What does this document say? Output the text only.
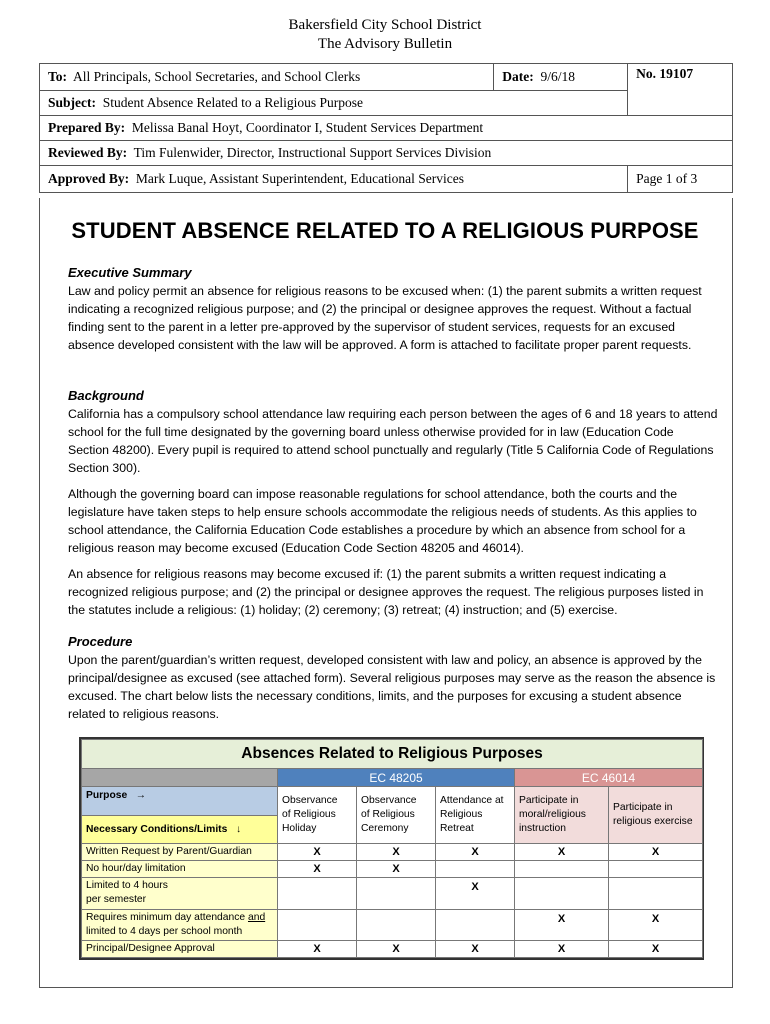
Bakersfield City School District
The Advisory Bulletin
To: All Principals, School Secretaries, and School Clerks	Date: 9/6/18	No. 19107
Subject: Student Absence Related to a Religious Purpose		
Prepared By: Melissa Banal Hoyt, Coordinator I, Student Services Department		
Reviewed By: Tim Fulenwider, Director, Instructional Support Services Division		
Approved By: Mark Luque, Assistant Superintendent, Educational Services		Page 1 of 3
STUDENT ABSENCE RELATED TO A RELIGIOUS PURPOSE
Executive Summary

Law and policy permit an absence for religious reasons to be excused when: (1) the parent submits a written request indicating a recognized religious purpose; and (2) the principal or designee approves the request. Without a factual finding sent to the parent in a letter pre-approved by the supervisor of student services, requests for an excused absence developed consistent with the law will be approved. A form is attached to facilitate proper parent requests.

Background

California has a compulsory school attendance law requiring each person between the ages of 6 and 18 years to attend school for the full time designated by the governing board unless otherwise provided for in law (Education Code Section 48200). Every pupil is required to attend school punctually and regularly (Title 5 California Code of Regulations Section 300).

Although the governing board can impose reasonable regulations for school attendance, both the courts and the legislature have taken steps to help ensure schools accommodate the religious needs of students. As this applies to school attendance, the California Education Code establishes a procedure by which an absence from school for a religious reason may become excused (Education Code Section 48205 and 46014).

An absence for religious reasons may become excused if: (1) the parent submits a written request indicating a recognized religious purpose; and (2) the principal or designee approves the request. The religious purposes listed in the statutes include a religious: (1) holiday; (2) ceremony; (3) retreat; (4) instruction; and (5) exercise.

Procedure

Upon the parent/guardian’s written request, developed consistent with law and policy, an absence is approved by the principal/designee as excused (see attached form). Several religious purposes may serve as the reason the absence is excused. The chart below lists the necessary conditions, limits, and the purposes for excusing a student absence related to religious reasons.

Absences Related to Religious Purposes					
	EC 48205			EC 46014	
Purpose →	Observance
of Religious
Holiday	Observance
of Religious
Ceremony	Attendance at
Religious
Retreat	Participate in
moral/religious
instruction	Participate in
religious exercise
Necessary Conditions/Limits ↓					
Written Request by Parent/Guardian	X	X	X	X	X
No hour/day limitation	X	X			
Limited to 4 hours
per semester			X		
Requires minimum day attendance and
limited to 4 days per school month				X	X
Principal/Designee Approval	X	X	X	X	X
